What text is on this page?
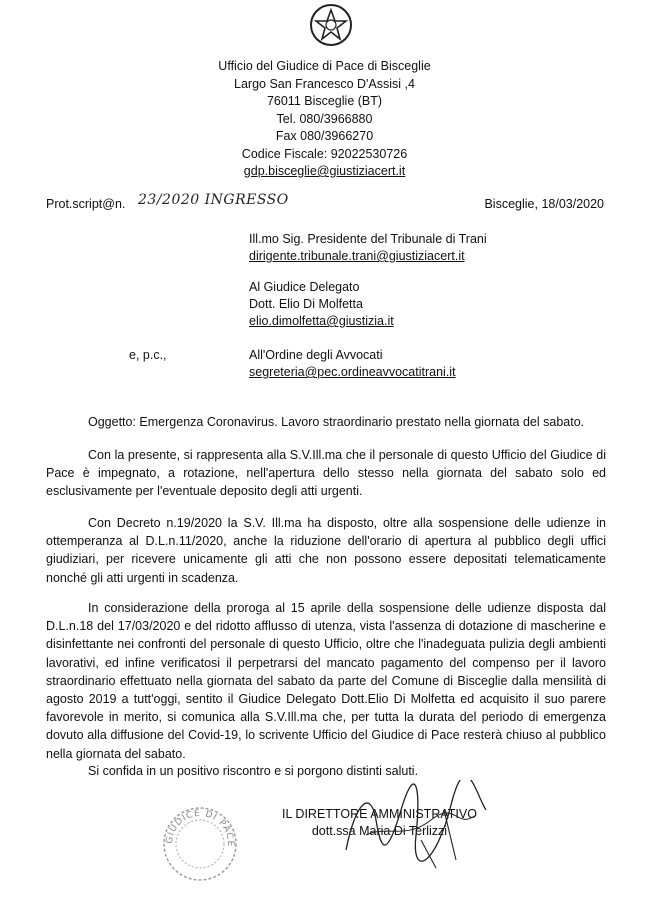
Ufficio del Giudice di Pace di Bisceglie
Largo San Francesco D'Assisi ,4
76011 Bisceglie (BT)
Tel. 080/3966880
Fax 080/3966270
Codice Fiscale: 92022530726
gdp.bisceglie@giustiziacert.it
Prot.script@n. 23/2020 INGRESSO	Bisceglie, 18/03/2020
Ill.mo Sig. Presidente del Tribunale di Trani
dirigente.tribunale.trani@giustiziacert.it
Al Giudice Delegato
Dott. Elio Di Molfetta
elio.dimolfetta@giustizia.it
e, p.c.,	All'Ordine degli Avvocati
segreteria@pec.ordineavvocatitrani.it
Oggetto: Emergenza Coronavirus. Lavoro straordinario prestato nella giornata del sabato.
Con la presente, si rappresenta alla S.V.Ill.ma che il personale di questo Ufficio del Giudice di Pace è impegnato, a rotazione, nell'apertura dello stesso nella giornata del sabato solo ed esclusivamente per l'eventuale deposito degli atti urgenti.
Con Decreto n.19/2020 la S.V. Ill.ma ha disposto, oltre alla sospensione delle udienze in ottemperanza al D.L.n.11/2020, anche la riduzione dell'orario di apertura al pubblico degli uffici giudiziari, per ricevere unicamente gli atti che non possono essere depositati telematicamente nonché gli atti urgenti in scadenza.
In considerazione della proroga al 15 aprile della sospensione delle udienze disposta dal D.L.n.18 del 17/03/2020 e del ridotto afflusso di utenza, vista l'assenza di dotazione di mascherine e disinfettante nei confronti del personale di questo Ufficio, oltre che l'inadeguata pulizia degli ambienti lavorativi, ed infine verificatosi il perpetrarsi del mancato pagamento del compenso per il lavoro straordinario effettuato nella giornata del sabato da parte del Comune di Bisceglie dalla mensilità di agosto 2019 a tutt'oggi, sentito il Giudice Delegato Dott.Elio Di Molfetta ed acquisito il suo parere favorevole in merito, si comunica alla S.V.Ill.ma che, per tutta la durata del periodo di emergenza dovuto alla diffusione del Covid-19, lo scrivente Ufficio del Giudice di Pace resterà chiuso al pubblico nella giornata del sabato.
Si confida in un positivo riscontro e si porgono distinti saluti.
GIUDICE DI PACE
IL DIRETTORE AMMINISTRATIVO
dott.ssa Maria Di Terlizzi
